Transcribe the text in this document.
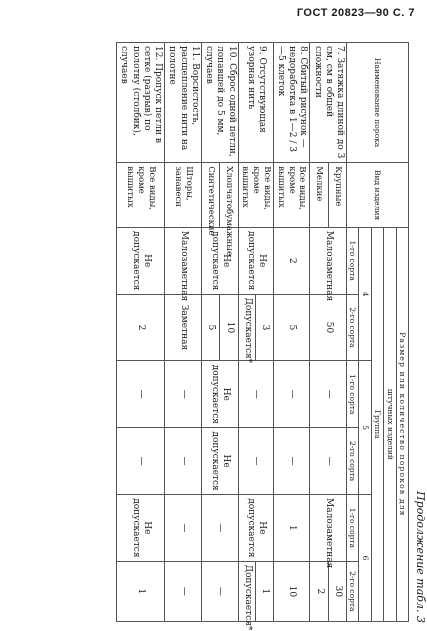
ГОСТ 20823—90 С. 7
Продолжение табл. 3
Наименование порока	Вид изделия	Размер или количество пороков для					
		штучных изделий					
		Группа					
		4		5		6	
		1-го сорта	2-го сорта	1-го сорта	2-го сорта	1-го сорта	2-го сорта
7. Затяжка длиной до 3 см, см в общей сложности	Крупные	Малозаметная	50	—	—	Малозаметная	30
	Мелкие						2
8. Сбитый рисунок — недоработка в 1—2 / 3—5 клеток	Все виды, кроме вышитых	2	5	—	—	1	10
9. Отсутствующая узорная нить	Все виды, кроме вышитых	Не допускается	3	—	—	Не допускается	1
			Допускается*				Допускается*
10. Сброс одной петли, лопавшей до 5 мм, случаев	Хлопчатобумажные	Не допускается	10	Не допускается	Не допускается	—	—
	Синтетические		5				
11. Ворсистость, расщепление нити на полотне	Шторы, занавеси	Малозаметная	Заметная	—	—	—	—
12. Пропуск петли в сетке (разрыв) по полотну (столбик), случаев	Все виды, кроме вышитых	Не допускается	2	—	—	Не допускается	1
